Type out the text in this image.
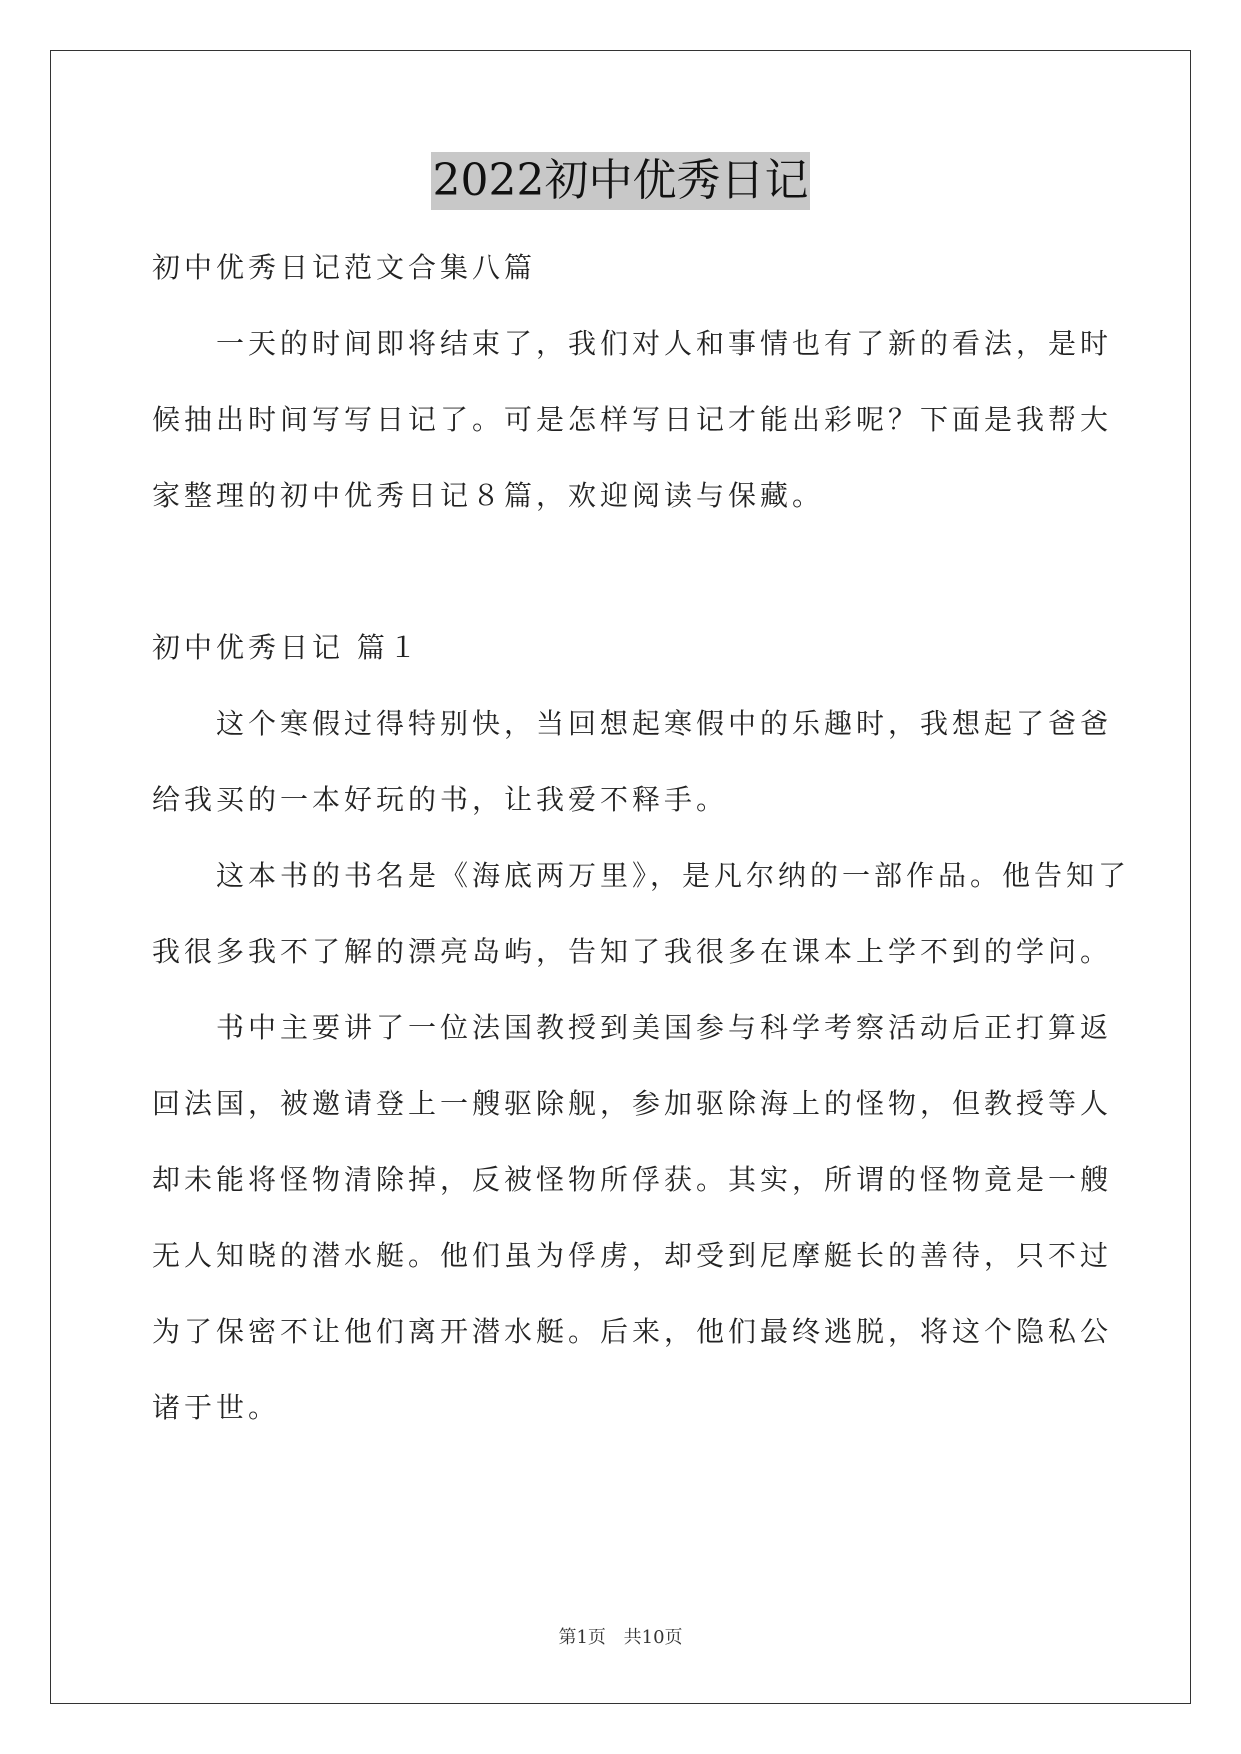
2022初中优秀日记
初中优秀日记范文合集八篇
一天的时间即将结束了，我们对人和事情也有了新的看法，是时
候抽出时间写写日记了。可是怎样写日记才能出彩呢？下面是我帮大
家整理的初中优秀日记８篇，欢迎阅读与保藏。
初中优秀日记 篇１
这个寒假过得特别快，当回想起寒假中的乐趣时，我想起了爸爸
给我买的一本好玩的书，让我爱不释手。
这本书的书名是《海底两万里》，是凡尔纳的一部作品。他告知了
我很多我不了解的漂亮岛屿，告知了我很多在课本上学不到的学问。
书中主要讲了一位法国教授到美国参与科学考察活动后正打算返
回法国，被邀请登上一艘驱除舰，参加驱除海上的怪物，但教授等人
却未能将怪物清除掉，反被怪物所俘获。其实，所谓的怪物竟是一艘
无人知晓的潜水艇。他们虽为俘虏，却受到尼摩艇长的善待，只不过
为了保密不让他们离开潜水艇。后来，他们最终逃脱，将这个隐私公
诸于世。
第1页 共10页
